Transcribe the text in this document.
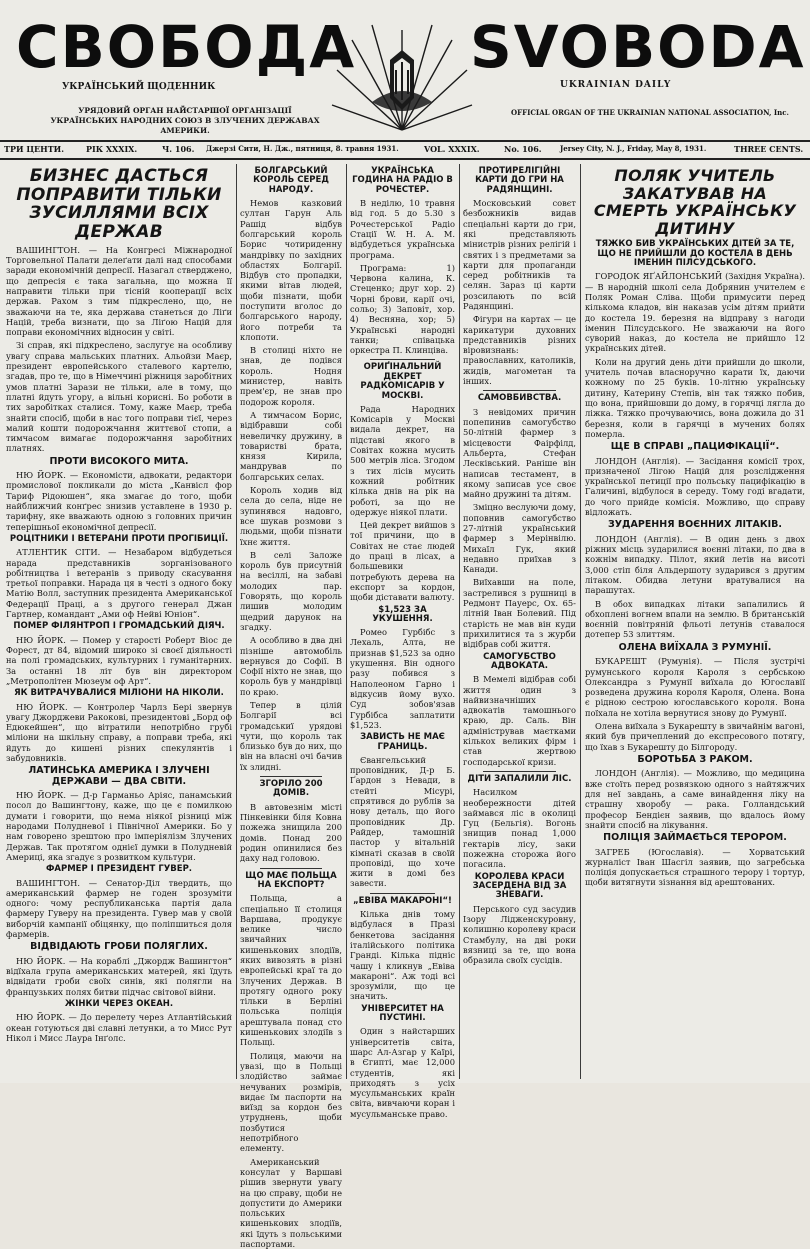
СВОБОДА
УКРАЇНСЬКИЙ ЩОДЕННИК
SVOBODA
UKRAINIAN DAILY
УРЯДОВИЙ ОРГАН НАЙСТАРШОЇ ОРГАНІЗАЦІЇ УКРАЇНСЬКИХ НАРОДНИХ СОЮЗ В ЗЛУЧЕНИХ ДЕРЖАВАХ АМЕРИКИ.
OFFICIAL ORGAN OF THE UKRAINIAN NATIONAL ASSOCIATION, Inc.
ТРИ ЦЕНТИ.	РІК XXXIX.	Ч. 106. Джерзі Сити, Н. Дж., пятниця, 8. травня 1931.	VOL. XXXIX.	No. 106.	Jersey City, N. J., Friday, May 8, 1931.	THREE CENTS.
БИЗНЕС ДАСТЬСЯ ПОПРАВИТИ ТІЛЬКИ ЗУСИЛЛЯМИ ВСІХ ДЕРЖАВ

ВАШИНГТОН. — На Конгресі Міжнародної Торговельної Палати делеґати далі над способами заради економічній депресії. Назагал стверджено, що депресія є така загальна, що можна її направити тільки при тісній кооперації всіх держав. Рахом з тим підкреслено, що, не зважаючи на те, яка держава станеться до Ліґи Націй, треба визнати, що за Ліґою Націй для поправи економічних відносин у світі.

Зі справ, які підкреслено, заслугує на особливу увагу справа мальських платних. Альойзи Маєр, президент европейського сталевого картелю, згадав, про те, що в Німеччині ріжниця заробітних умов платні Зарази не тільки, але в тому, що платні йдуть угору, а вільні корисні. Бо роботи в тих заробітках сталися. Тому, каже Маєр, треба знайти спосіб, щоби в нас того поправи тієї, через малий кошти подорожчання життєвої стопи, а тимчасом вимагає подорожчання заробітних платнях.

ПРОТИ ВИСОКОГО МИТА.

НЮ ЙОРК. — Економісти, адвокати, редактори промислової покликали до міста „Канвісл фор Тариф Рідоюшен“, яка змагає до того, щоби найближчий конґрес знизив уставлене в 1930 р. тарифну, яке вважають одною з головних причин теперішньої економічної депресії.

РОЦІТНИКИ І ВЕТЕРАНИ ПРОТИ ПРОГІБИЦІЇ.

АТЛЕНТИК СІТИ. — Незабаром відбудеться нарада представників зорганізованого робітництва і ветеранів з приводу скасування третьої поправки. Нарада ця в честі з одного боку Матію Волл, заступник президента Американської Федерації Праці, а з другого генерал Джан Гартнер, командант „Ами оф Нейві Юніон“.

ПОМЕР ФІЛЯНТРОП І ГРОМАДСЬКИЙ ДІЯЧ.

НЮ ЙОРК. — Помер у старості Роберт Віос де Форест, дт 84, відомий широко зі своєї діяльності на полі громадських, культурних і гуманітарних. За останні 18 літ був він директором „Метрополітен Мюзеум оф Арт“.

ЯК ВИТРАЧУВАЛИСЯ МІЛІОНИ НА НІКОЛИ.

НЮ ЙОРК. — Контролер Чарлз Бері звернув увагу Джорджеви Ракокові, президентові „Борд оф Едюкейшен“, що вітратили непотрібно грубі міліони на шкільну справу, а поправи треба, які йдуть до кишені різних спекулянтів і забудовників.

ЛАТИНСЬКА АМЕРИКА І ЗЛУЧЕНІ ДЕРЖАВИ — ДВА СВІТИ.

НЮ ЙОРК. — Д-р Гарманьо Аріяс, панамський посол до Вашингтону, каже, що це є помилкою думати і говорити, що нема ніякої різниці між народами Полудневої і Північної Америки. Бо у нам говорено зрештою про імперіялізм Злучених Держав. Так протягом однієї думки в Полудневій Америці, яка згадує з розвитком культури.

ФАРМЕР І ПРЕЗИДЕНТ ГУВЕР.

ВАШИНГТОН. — Сенатор-Діл твердить, що американський фармер не годен зрозуміти одного: чому республиканська партія дала фармеру Гуверу на президента. Гувер мав у своїй виборчій кампанії обіцянку, що поліпшиться доля фармерів.

ВІДВІДАЮТЬ ГРОБИ ПОЛЯГЛИХ.

НЮ ЙОРК. — На кораблі „Джордж Вашингтон“ відїхала група американських матерей, які їдуть відвідати гроби своїх синів, які полягли на французьких полях битви підчас світової війни.

ЖІНКИ ЧЕРЕЗ ОКЕАН.

НЮ ЙОРК. — До перелету через Атлантійський океан готуються дві славні летунки, а то Мисс Рут Нікол і Мисс Лаура Інґолс.

БОЛГАРСЬКИЙ КОРОЛЬ СЕРЕД НАРОДУ.

Немов казковий султан Гарун Аль Рашід відбув болгарський король Борис чотириденну мандрівку по західних областях Болгарії. Відбув сто пропадки, якими вітав людей, щоби пізнати, щоби поступити вголос до болгарського народу, його потреби та клопоти.

В столиці ніхто не знав, де подівся король. Нодня министер, навіть прем'єр, не знав про подорож короля.

А тимчасом Борис, відібравши собі невеличку дружину, в товаристві брата, князя Кирила, мандрував по болгарських селах.

Король ходив від села до села, ніде не зупинявся надовго, все шукав розмови з людьми, щоби пізнати їхнє життя.

В селі Заложе король був присутній на весіллі, на забаві молодих пар. Говорять, що король лишив молодим щедрий дарунок на згадку.

А особливо в два дні пізніше автомобіль вернувся до Софії. В Софії ніхто не знав, що король був у мандрівці по краю.

Тепер в цілій Болгарії всі громадськиї урядові чути, що король так близько був до них, що він на власні очі бачив їх злидні.

ЗГОРІЛО 200 ДОМІВ.

В автовезнім місті Пінкевінки біля Ковна пожежа знищила 200 домів. Понад 200 родин опинилися без даху над головою.

ЩО МАЄ ПОЛЬЩА НА ЕКСПОРТ?

Польща, а спеціально її столиця Варшава, продукує велике число звичайних кишенькових злодіїв, яких вивозять в різні европейські краї та до Злучених Держав. В протягу одного року тільки в Берліні польська поліція арештувала понад сто кишенькових злодіїв з Польщі.

Полиця, маючи на увазі, що в Польщі злодійство займає нечуваних розмірів, видає їм паспорти на виїзд за кордон без утруднень, щоби позбутися непотрібного елементу.

Американський консулат у Варшаві рішив звернути увагу на цю справу, щоби не допустити до Америки польських кишенькових злодіїв, які їдуть з польськими паспортами.

УКРАЇНСЬКА ГОДИНА НА РАДІО В РОЧЕСТЕР.

В неділю, 10 травня від год. 5 до 5.30 з Рочестерської Радіо Стації W. H. A. M. відбудеться українська програма.

Програма: 1) Червона калина, К. Стеценко; друг хор. 2) Чорні брови, карії очі, сольо; 3) Заповіт, хор. 4) Весняна, хор; 5) Українські народні танки; співацька оркестра П. Клинціва.

ОРИҐІНАЛЬНИЙ ДЕКРЕТ РАДКОМІСАРІВ У МОСКВІ.

Рада Народних Комісарів у Москві видала декрет, на підставі якого в Совітах кожна мусить 500 метрів ліса. Згодом з тих лісів мусить кожний робітник кілька днів на рік на роботі, за що не одержує ніякої плати.

Цей декрет вийшов з тої причини, що в Совітах не стає людей до праці в лісах, а большевики потребують дерева на експорт за кордон, щоби діставати валюту.

$1,523 ЗА УКУШЕННЯ.

Ромео Гурбібс з Лехаль, Алта, не признав $1,523 за одно укушення. Він одного разу побився з Наполеоном Гарно і відкусив йому вухо. Суд зобов'язав Гурбібса заплатити $1,523.

ЗАВИСТЬ НЕ МАЄ ГРАНИЦЬ.

Євангельський проповідник, Д-р Б. Ґардон з Невади, в стейті Місурі, спрятився до рублів за нову деталь, що його проповідник Др. Райдер, тамошній пастор у вітальній кімнаті сказав в своїй проповіді, що хоче жити в домі без завести.

„ЕВІВА МАКАРОНІ“!

Кілька днів тому відбулася в Празі бенкетова засідання італійського політика Гранді. Кілька підніс чашу і кликнув „Евіва макароні“. Аж тоді всі зрозуміли, що це значить.

УНІВЕРСИТЕТ НА ПУСТИНІ.

Один з найстарших університетів світа, шарс Ал-Азгар у Каїрі, в Єгипті, має 12,000 студентів, які приходять з усіх мусульманських країн світа, вивчаючи коран і мусульманське право.

ПРОТИРЕЛІГІЙНІ КАРТИ ДО ГРИ НА РАДЯНЩИНІ.

Московський совєт безбожників видав спеціальні карти до гри, які представляють мінистрів різних релігій і святих і з предметами за карти для пропаганди серед робітників та селян. Зараз ці карти розсилають по всій Радянщині.

Фігури на картах — це карикатури духовних представників різних віровизнань: православних, католиків, жидів, магометан та інших.

САМОВБИВСТВА.

З невідомих причин попепинив самогубство 50-літній фармер з місцевости Фаірфілд, Альберта, Стефан Лесківський. Раніше він написав тестамент, в якому записав усе своє майно дружині та дітям.

Зміцно веслуючи дому, поповнив самогубство 27-літній український фармер з Мерінвілю. Михаїл Гук, який недавно приїхав з Канади.

Виїхавши на поле, застрелився з рушниці в Редмонт Пауерс, Ох. 65-літній Іван Болевий. Під старість не мав він куди прихилитися та з журби відібрав собі життя.

САМОГУБСТВО АДВОКАТА.

В Мемелі відібрав собі життя один з найвизначніших адвокатів тамошнього краю, др. Саль. Він адміністрував маєтками кількох великих фірм і став жертвою господарської кризи.

ДІТИ ЗАПАЛИЛИ ЛІС.

Насилком необережности дітей займався ліс в околиці Гуц (Бельгія). Вогонь знищив понад 1,000 гектарів лісу, заки пожежна сторожа його погасила.

КОРОЛЕВА КРАСИ ЗАСЕРДЕНА ВІД ЗА ЗНЕВАГИ.

Перського суд засудив Ізору Лідженскуровну, колишню королеву краси Стамбулу, на дві роки вязниці за те, що вона образила своїх сусідів.

ПОЛЯК УЧИТЕЛЬ ЗАКАТУВАВ НА СМЕРТЬ УКРАЇНСЬКУ ДИТИНУ
ТЯЖКО БИВ УКРАЇНСЬКИХ ДІТЕЙ ЗА ТЕ, ЩО НЕ ПРИЙШЛИ ДО КОСТЕЛА В ДЕНЬ ІМЕНИН ПІЛСУДСЬКОГО.

ГОРОДОК ЯҐАЙЛОНСЬКИЙ (Західня Україна). — В народній школі села Добрянин учителем є Поляк Роман Сліва. Щоби примусити перед кількома кладов, він наказав усім дітям прийти до костела 19. березня на відправу з нагоди іменин Пілсудського. Не зважаючи на його суворий наказ, до костела не прийшло 12 українських дітей.

Коли на другий день діти прийшли до школи, учитель почав власноручно карати їх, даючи кожному по 25 буків. 10-літню українську дитину, Катерину Степів, він так тяжко побив, що вона, прийшовши до дому, в горячці лягла до ліжка. Тяжко прочуваючись, вона дожила до 31 березня, коли в гарячці в мучених болях померла.

ЩЕ В СПРАВІ „ПАЦИФІКАЦІЇ“.

ЛОНДОН (Англія). — Засідання комісії трох, призначеної Лігою Націй для розслідження української петиції про польську пацифікацію в Галичині, відбулося в середу. Тому годі вгадати, до чого прийде комісія. Можливо, що справу відложать.

ЗУДАРЕННЯ ВОЄННИХ ЛІТАКІВ.

ЛОНДОН (Англія). — В один день з двох ріжних місць зударилися воєнні літаки, по два в кожнім випадку. Пілот, який летів на висоті 3,000 стіп біля Альдершоту зударився з другим літаком. Обидва летуни вратувалися на парашутах.

В обох випадках літаки запалились й обхоплені вогнем впали на землю. В британській воєнній повітряній фльоті летунів ставалося дотепер 53 злиттям.

ОЛЕНА ВИЇХАЛА З РУМУНІЇ.

БУКАРЕШТ (Румунія). — Після зустрічі румунського короля Кароля з сербською Олександра з Румунії виїхала до Югославії розведена дружина короля Кароля, Олена. Вона є рідною сестрою югославського короля. Вона поїхала не хотіла вернутися знову до Румунії.

Олена виїхала з Букарешту в звичайнім вагоні, який був причеплений до експресового потягу, що їхав з Букарешту до Білгороду.

БОРОТЬБА З РАКОМ.

ЛОНДОН (Англія). — Можливо, що медицина вже стоїть перед розвязкою одного з найтяжчих для неї завдань, а саме винайдення ліку на страшну хворобу — рака. Голландський професор Бендієн заявив, що вдалось йому знайти спосіб на лікування.

ПОЛІЦІЯ ЗАЙМАЄТЬСЯ ТЕРОРОМ.

ЗАГРЕБ (Югославія). — Хорватський журналіст Іван Шасгіл заявив, що загребська поліція допускається страшного терору і тортур, щоби витягнути зізнання від арештованих.
